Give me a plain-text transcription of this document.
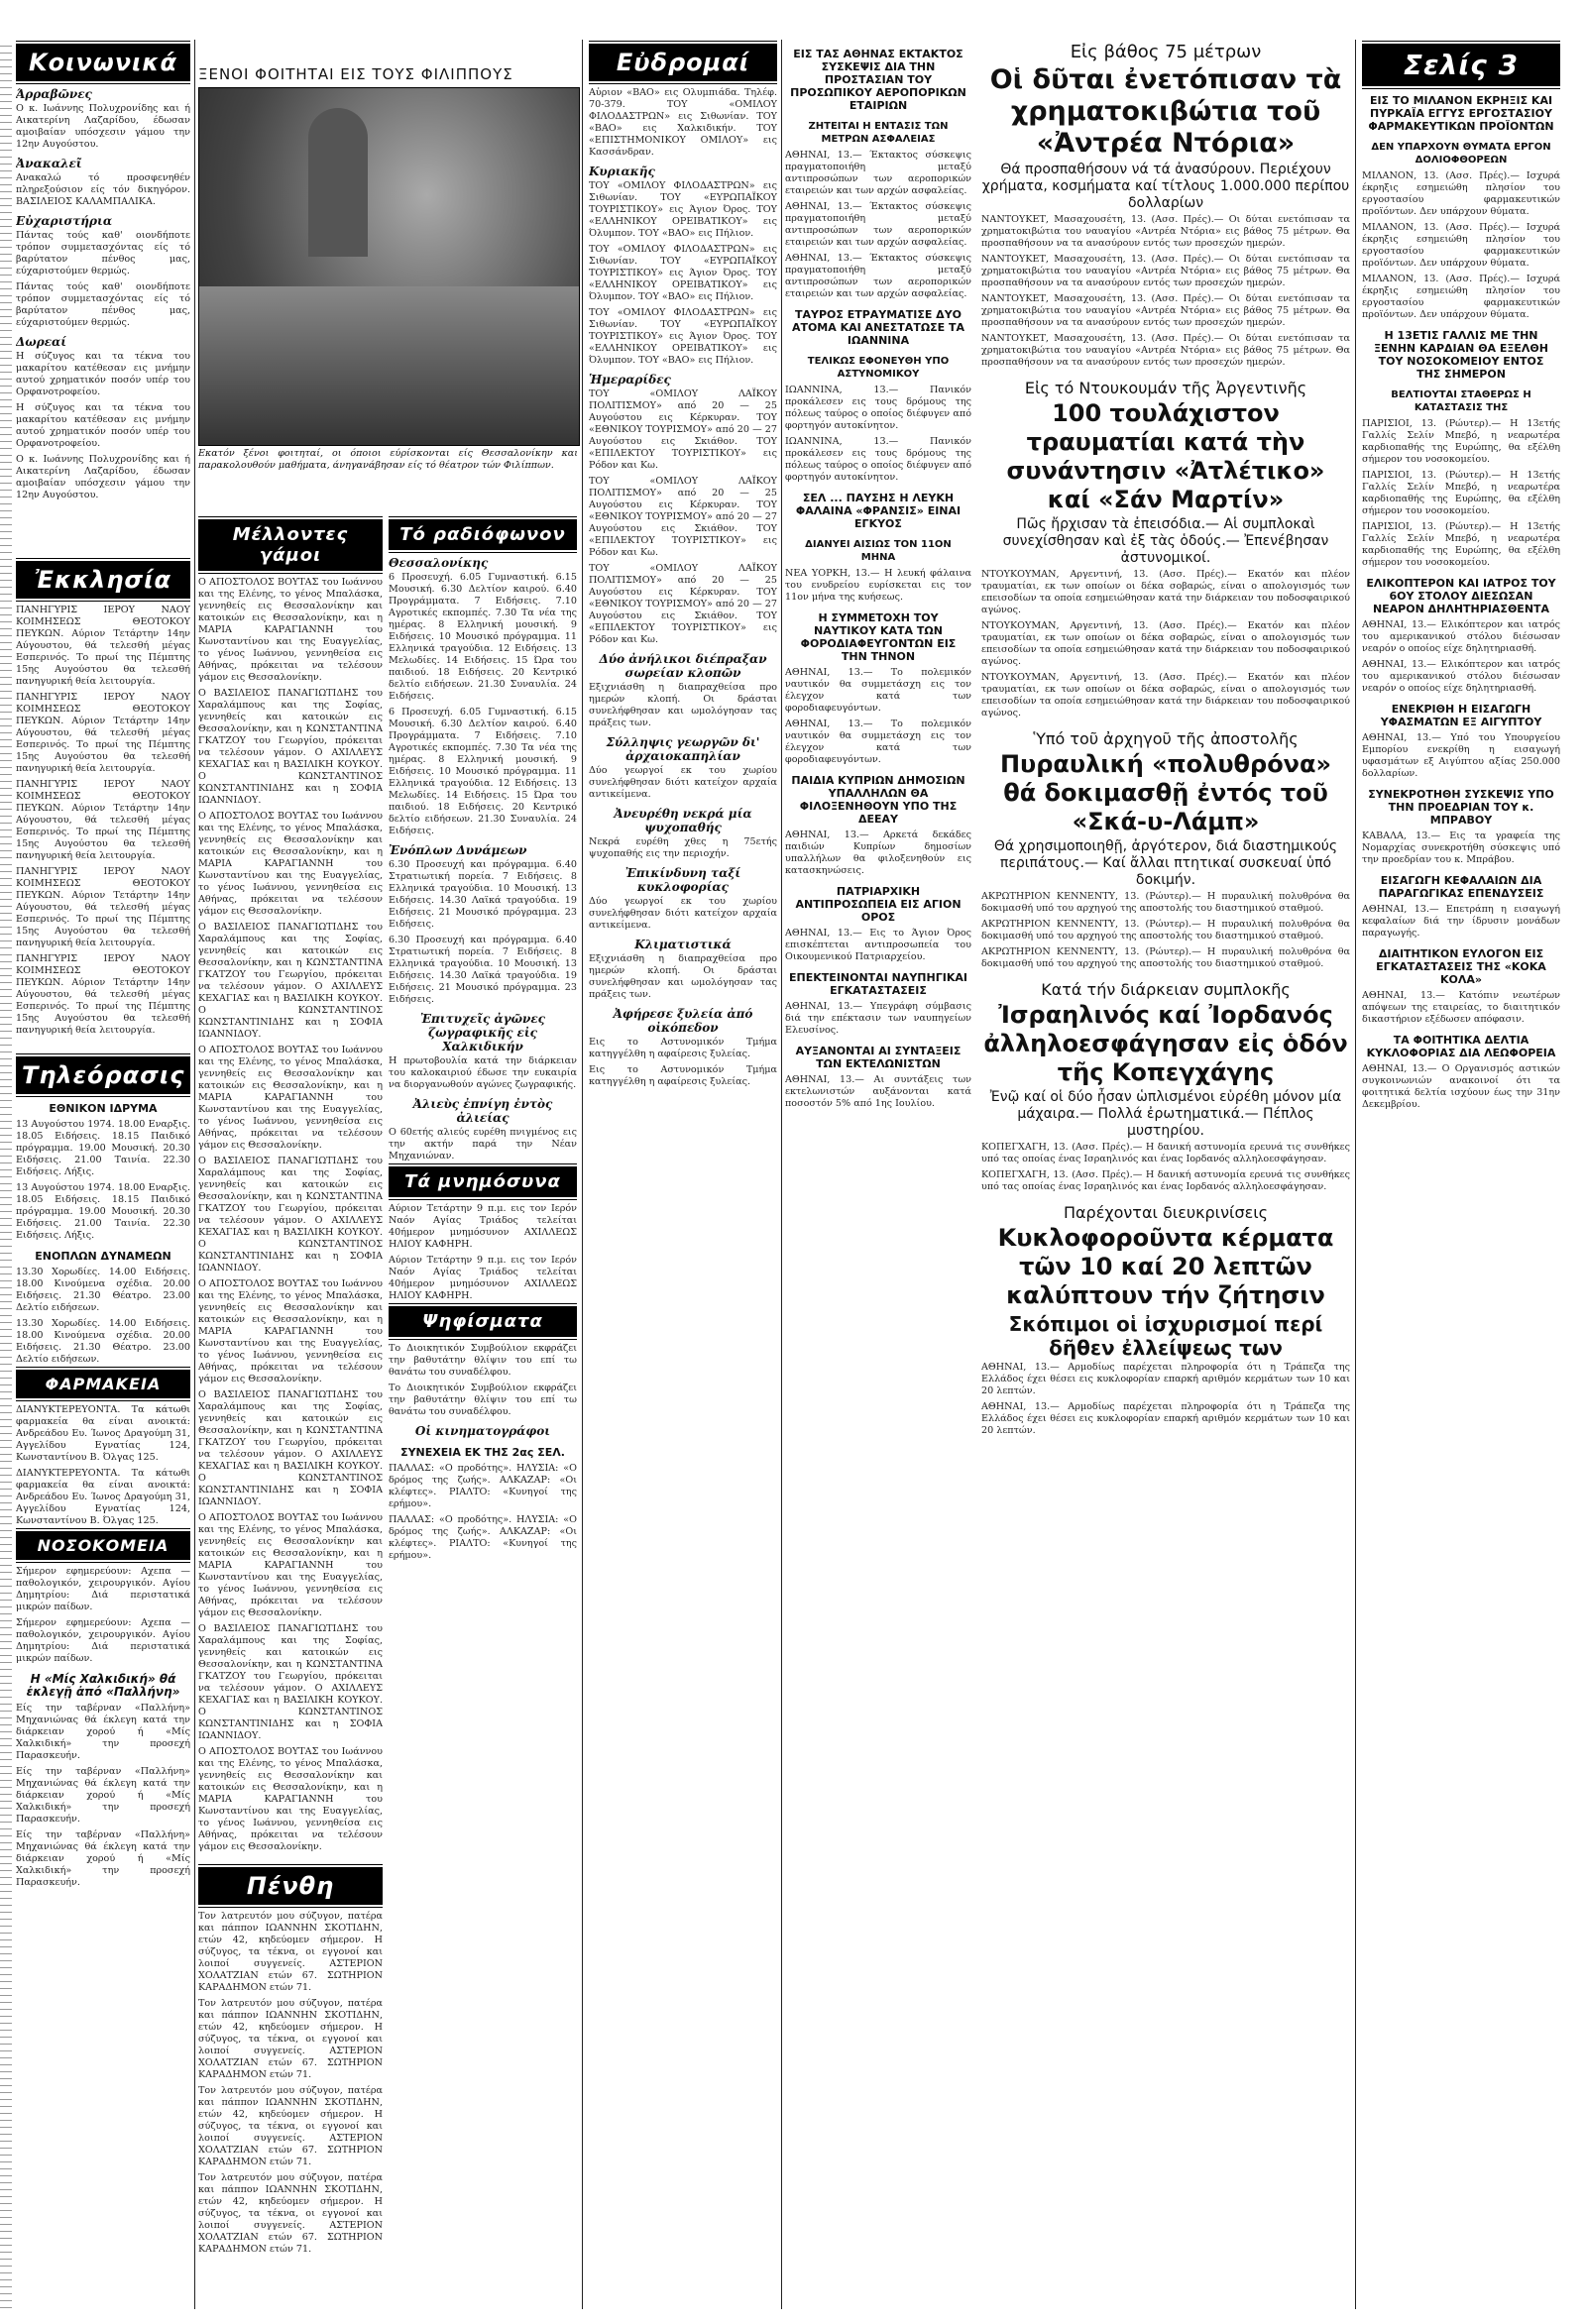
Κοινωνικά
Άρραβῶνες

Ο κ. Ιωάννης Πολυχρονίδης και ή Αικατερίνη Λαζαρίδου, έδωσαν αμοιβαίαν υπόσχεσιν γάμου την 12ην Αυγούστου.

Ἀνακαλεῖ

Ανακαλώ τό προσφενηθέν πληρεξούσιον είς τόν δικηγόρον. ΒΑΣΙΛΕΙΟΣ ΚΑΛΑΜΠΑΛΙΚΑ.

Εὐχαριστήρια

Πάντας τούς καθ' οιονδήποτε τρόπον συμμετασχόντας είς τό βαρύτατον πένθος μας, εύχαριστούμεν θερμώς.

Πάντας τούς καθ' οιονδήποτε τρόπον συμμετασχόντας είς τό βαρύτατον πένθος μας, εύχαριστούμεν θερμώς.

Δωρεαί

Η σύζυγος και τα τέκνα του μακαρίτου κατέθεσαν εις μνήμην αυτού χρηματικόν ποσόν υπέρ του Ορφανοτροφείου.

Η σύζυγος και τα τέκνα του μακαρίτου κατέθεσαν εις μνήμην αυτού χρηματικόν ποσόν υπέρ του Ορφανοτροφείου.

Ο κ. Ιωάννης Πολυχρονίδης και ή Αικατερίνη Λαζαρίδου, έδωσαν αμοιβαίαν υπόσχεσιν γάμου την 12ην Αυγούστου.

Ἐκκλησία

ΠΑΝΗΓΥΡΙΣ ΙΕΡΟΥ ΝΑΟΥ ΚΟΙΜΗΣΕΩΣ ΘΕΟΤΟΚΟΥ ΠΕΥΚΩΝ. Αύριον Τετάρτην 14ην Αύγουστου, θά τελεσθή μέγας Εσπερινός. Το πρωί της Πέμπτης 15ης Αυγούστου θα τελεσθή πανηγυρική θεία λειτουργία.

ΠΑΝΗΓΥΡΙΣ ΙΕΡΟΥ ΝΑΟΥ ΚΟΙΜΗΣΕΩΣ ΘΕΟΤΟΚΟΥ ΠΕΥΚΩΝ. Αύριον Τετάρτην 14ην Αύγουστου, θά τελεσθή μέγας Εσπερινός. Το πρωί της Πέμπτης 15ης Αυγούστου θα τελεσθή πανηγυρική θεία λειτουργία.

ΠΑΝΗΓΥΡΙΣ ΙΕΡΟΥ ΝΑΟΥ ΚΟΙΜΗΣΕΩΣ ΘΕΟΤΟΚΟΥ ΠΕΥΚΩΝ. Αύριον Τετάρτην 14ην Αύγουστου, θά τελεσθή μέγας Εσπερινός. Το πρωί της Πέμπτης 15ης Αυγούστου θα τελεσθή πανηγυρική θεία λειτουργία.

ΠΑΝΗΓΥΡΙΣ ΙΕΡΟΥ ΝΑΟΥ ΚΟΙΜΗΣΕΩΣ ΘΕΟΤΟΚΟΥ ΠΕΥΚΩΝ. Αύριον Τετάρτην 14ην Αύγουστου, θά τελεσθή μέγας Εσπερινός. Το πρωί της Πέμπτης 15ης Αυγούστου θα τελεσθή πανηγυρική θεία λειτουργία.

ΠΑΝΗΓΥΡΙΣ ΙΕΡΟΥ ΝΑΟΥ ΚΟΙΜΗΣΕΩΣ ΘΕΟΤΟΚΟΥ ΠΕΥΚΩΝ. Αύριον Τετάρτην 14ην Αύγουστου, θά τελεσθή μέγας Εσπερινός. Το πρωί της Πέμπτης 15ης Αυγούστου θα τελεσθή πανηγυρική θεία λειτουργία.

Τηλεόρασις
ΕΘΝΙΚΟΝ ΙΔΡΥΜΑ

13 Αυγούστου 1974. 18.00 Εναρξις. 18.05 Ειδήσεις. 18.15 Παιδικό πρόγραμμα. 19.00 Μουσική. 20.30 Ειδήσεις. 21.00 Ταινία. 22.30 Ειδήσεις. Λήξις.

13 Αυγούστου 1974. 18.00 Εναρξις. 18.05 Ειδήσεις. 18.15 Παιδικό πρόγραμμα. 19.00 Μουσική. 20.30 Ειδήσεις. 21.00 Ταινία. 22.30 Ειδήσεις. Λήξις.

ΕΝΟΠΛΩΝ ΔΥΝΑΜΕΩΝ

13.30 Χορωδίες. 14.00 Ειδήσεις. 18.00 Κινούμενα σχέδια. 20.00 Ειδήσεις. 21.30 Θέατρο. 23.00 Δελτίο ειδήσεων.

13.30 Χορωδίες. 14.00 Ειδήσεις. 18.00 Κινούμενα σχέδια. 20.00 Ειδήσεις. 21.30 Θέατρο. 23.00 Δελτίο ειδήσεων.

ΦΑΡΜΑΚΕΙΑ

ΔΙΑΝΥΚΤΕΡΕΥΟΝΤΑ. Τα κάτωθι φαρμακεία θα είναι ανοικτά: Ανδρεάδου Ευ. Ίωνος Δραγούμη 31, Αγγελίδου Εγνατίας 124, Κωνσταντίνου Β. Όλγας 125.

ΔΙΑΝΥΚΤΕΡΕΥΟΝΤΑ. Τα κάτωθι φαρμακεία θα είναι ανοικτά: Ανδρεάδου Ευ. Ίωνος Δραγούμη 31, Αγγελίδου Εγνατίας 124, Κωνσταντίνου Β. Όλγας 125.

ΝΟΣΟΚΟΜΕΙΑ

Σήμερον εφημερεύουν: Αχεπα — παθολογικόν, χειρουργικόν. Αγίου Δημητρίου: Διά περιστατικά μικρών παίδων.

Σήμερον εφημερεύουν: Αχεπα — παθολογικόν, χειρουργικόν. Αγίου Δημητρίου: Διά περιστατικά μικρών παίδων.

Η «Μίς Χαλκιδική» θά ἐκλεγῇ ἀπό «Παλλήνη»

Είς την ταβέρναν «Παλλήνη» Μηχανιώνας θά έκλεγη κατά την διάρκειαν χορού ή «Μίς Χαλκιδική» την προσεχή Παρασκευήν.

Είς την ταβέρναν «Παλλήνη» Μηχανιώνας θά έκλεγη κατά την διάρκειαν χορού ή «Μίς Χαλκιδική» την προσεχή Παρασκευήν.

Είς την ταβέρναν «Παλλήνη» Μηχανιώνας θά έκλεγη κατά την διάρκειαν χορού ή «Μίς Χαλκιδική» την προσεχή Παρασκευήν.

ΞΕΝΟΙ ΦΟΙΤΗΤΑΙ ΕΙΣ ΤΟΥΣ ΦΙΛΙΠΠΟΥΣ
Εκατόν ξένοι φοιτηταί, οι όποιοι εύρίσκονται είς Θεσσαλονίκην και παρακολουθούν μαθήματα, άνηγανάβησαν είς τό θέατρον τών Φιλίππων.
Μέλλοντες γάμοι

Ο ΑΠΟΣΤΟΛΟΣ ΒΟΥΤΑΣ του Ιωάννου και της Ελένης, το γένος Μπαλάσκα, γεννηθείς εις Θεσσαλονίκην και κατοικών εις Θεσσαλονίκην, και η ΜΑΡΙΑ ΚΑΡΑΓΙΑΝΝΗ του Κωνσταντίνου και της Ευαγγελίας, το γένος Ιωάννου, γεννηθείσα εις Αθήνας, πρόκειται να τελέσουν γάμον εις Θεσσαλονίκην.

Ο ΒΑΣΙΛΕΙΟΣ ΠΑΝΑΓΙΩΤΙΔΗΣ του Χαραλάμπους και της Σοφίας, γεννηθείς και κατοικών εις Θεσσαλονίκην, και η ΚΩΝΣΤΑΝΤΙΝΑ ΓΚΑΤΖΟΥ του Γεωργίου, πρόκειται να τελέσουν γάμον. Ο ΑΧΙΛΛΕΥΣ ΚΕΧΑΓΙΑΣ και η ΒΑΣΙΛΙΚΗ ΚΟΥΚΟΥ. Ο ΚΩΝΣΤΑΝΤΙΝΟΣ ΚΩΝΣΤΑΝΤΙΝΙΔΗΣ και η ΣΟΦΙΑ ΙΩΑΝΝΙΔΟΥ.

Ο ΑΠΟΣΤΟΛΟΣ ΒΟΥΤΑΣ του Ιωάννου και της Ελένης, το γένος Μπαλάσκα, γεννηθείς εις Θεσσαλονίκην και κατοικών εις Θεσσαλονίκην, και η ΜΑΡΙΑ ΚΑΡΑΓΙΑΝΝΗ του Κωνσταντίνου και της Ευαγγελίας, το γένος Ιωάννου, γεννηθείσα εις Αθήνας, πρόκειται να τελέσουν γάμον εις Θεσσαλονίκην.

Ο ΒΑΣΙΛΕΙΟΣ ΠΑΝΑΓΙΩΤΙΔΗΣ του Χαραλάμπους και της Σοφίας, γεννηθείς και κατοικών εις Θεσσαλονίκην, και η ΚΩΝΣΤΑΝΤΙΝΑ ΓΚΑΤΖΟΥ του Γεωργίου, πρόκειται να τελέσουν γάμον. Ο ΑΧΙΛΛΕΥΣ ΚΕΧΑΓΙΑΣ και η ΒΑΣΙΛΙΚΗ ΚΟΥΚΟΥ. Ο ΚΩΝΣΤΑΝΤΙΝΟΣ ΚΩΝΣΤΑΝΤΙΝΙΔΗΣ και η ΣΟΦΙΑ ΙΩΑΝΝΙΔΟΥ.

Ο ΑΠΟΣΤΟΛΟΣ ΒΟΥΤΑΣ του Ιωάννου και της Ελένης, το γένος Μπαλάσκα, γεννηθείς εις Θεσσαλονίκην και κατοικών εις Θεσσαλονίκην, και η ΜΑΡΙΑ ΚΑΡΑΓΙΑΝΝΗ του Κωνσταντίνου και της Ευαγγελίας, το γένος Ιωάννου, γεννηθείσα εις Αθήνας, πρόκειται να τελέσουν γάμον εις Θεσσαλονίκην.

Ο ΒΑΣΙΛΕΙΟΣ ΠΑΝΑΓΙΩΤΙΔΗΣ του Χαραλάμπους και της Σοφίας, γεννηθείς και κατοικών εις Θεσσαλονίκην, και η ΚΩΝΣΤΑΝΤΙΝΑ ΓΚΑΤΖΟΥ του Γεωργίου, πρόκειται να τελέσουν γάμον. Ο ΑΧΙΛΛΕΥΣ ΚΕΧΑΓΙΑΣ και η ΒΑΣΙΛΙΚΗ ΚΟΥΚΟΥ. Ο ΚΩΝΣΤΑΝΤΙΝΟΣ ΚΩΝΣΤΑΝΤΙΝΙΔΗΣ και η ΣΟΦΙΑ ΙΩΑΝΝΙΔΟΥ.

Ο ΑΠΟΣΤΟΛΟΣ ΒΟΥΤΑΣ του Ιωάννου και της Ελένης, το γένος Μπαλάσκα, γεννηθείς εις Θεσσαλονίκην και κατοικών εις Θεσσαλονίκην, και η ΜΑΡΙΑ ΚΑΡΑΓΙΑΝΝΗ του Κωνσταντίνου και της Ευαγγελίας, το γένος Ιωάννου, γεννηθείσα εις Αθήνας, πρόκειται να τελέσουν γάμον εις Θεσσαλονίκην.

Ο ΒΑΣΙΛΕΙΟΣ ΠΑΝΑΓΙΩΤΙΔΗΣ του Χαραλάμπους και της Σοφίας, γεννηθείς και κατοικών εις Θεσσαλονίκην, και η ΚΩΝΣΤΑΝΤΙΝΑ ΓΚΑΤΖΟΥ του Γεωργίου, πρόκειται να τελέσουν γάμον. Ο ΑΧΙΛΛΕΥΣ ΚΕΧΑΓΙΑΣ και η ΒΑΣΙΛΙΚΗ ΚΟΥΚΟΥ. Ο ΚΩΝΣΤΑΝΤΙΝΟΣ ΚΩΝΣΤΑΝΤΙΝΙΔΗΣ και η ΣΟΦΙΑ ΙΩΑΝΝΙΔΟΥ.

Ο ΑΠΟΣΤΟΛΟΣ ΒΟΥΤΑΣ του Ιωάννου και της Ελένης, το γένος Μπαλάσκα, γεννηθείς εις Θεσσαλονίκην και κατοικών εις Θεσσαλονίκην, και η ΜΑΡΙΑ ΚΑΡΑΓΙΑΝΝΗ του Κωνσταντίνου και της Ευαγγελίας, το γένος Ιωάννου, γεννηθείσα εις Αθήνας, πρόκειται να τελέσουν γάμον εις Θεσσαλονίκην.

Ο ΒΑΣΙΛΕΙΟΣ ΠΑΝΑΓΙΩΤΙΔΗΣ του Χαραλάμπους και της Σοφίας, γεννηθείς και κατοικών εις Θεσσαλονίκην, και η ΚΩΝΣΤΑΝΤΙΝΑ ΓΚΑΤΖΟΥ του Γεωργίου, πρόκειται να τελέσουν γάμον. Ο ΑΧΙΛΛΕΥΣ ΚΕΧΑΓΙΑΣ και η ΒΑΣΙΛΙΚΗ ΚΟΥΚΟΥ. Ο ΚΩΝΣΤΑΝΤΙΝΟΣ ΚΩΝΣΤΑΝΤΙΝΙΔΗΣ και η ΣΟΦΙΑ ΙΩΑΝΝΙΔΟΥ.

Ο ΑΠΟΣΤΟΛΟΣ ΒΟΥΤΑΣ του Ιωάννου και της Ελένης, το γένος Μπαλάσκα, γεννηθείς εις Θεσσαλονίκην και κατοικών εις Θεσσαλονίκην, και η ΜΑΡΙΑ ΚΑΡΑΓΙΑΝΝΗ του Κωνσταντίνου και της Ευαγγελίας, το γένος Ιωάννου, γεννηθείσα εις Αθήνας, πρόκειται να τελέσουν γάμον εις Θεσσαλονίκην.

Πένθη

Τον λατρευτόν μου σύζυγον, πατέρα και πάππον ΙΩΑΝΝΗΝ ΣΚΟΤΙΔΗΝ, ετών 42, κηδεύομεν σήμερον. Η σύζυγος, τα τέκνα, οι εγγονοί και λοιποί συγγενείς. ΑΣΤΕΡΙΟΝ ΧΟΛΑΤΖΙΑΝ ετών 67. ΣΩΤΗΡΙΟΝ ΚΑΡΑΔΗΜΟΝ ετών 71.

Τον λατρευτόν μου σύζυγον, πατέρα και πάππον ΙΩΑΝΝΗΝ ΣΚΟΤΙΔΗΝ, ετών 42, κηδεύομεν σήμερον. Η σύζυγος, τα τέκνα, οι εγγονοί και λοιποί συγγενείς. ΑΣΤΕΡΙΟΝ ΧΟΛΑΤΖΙΑΝ ετών 67. ΣΩΤΗΡΙΟΝ ΚΑΡΑΔΗΜΟΝ ετών 71.

Τον λατρευτόν μου σύζυγον, πατέρα και πάππον ΙΩΑΝΝΗΝ ΣΚΟΤΙΔΗΝ, ετών 42, κηδεύομεν σήμερον. Η σύζυγος, τα τέκνα, οι εγγονοί και λοιποί συγγενείς. ΑΣΤΕΡΙΟΝ ΧΟΛΑΤΖΙΑΝ ετών 67. ΣΩΤΗΡΙΟΝ ΚΑΡΑΔΗΜΟΝ ετών 71.

Τον λατρευτόν μου σύζυγον, πατέρα και πάππον ΙΩΑΝΝΗΝ ΣΚΟΤΙΔΗΝ, ετών 42, κηδεύομεν σήμερον. Η σύζυγος, τα τέκνα, οι εγγονοί και λοιποί συγγενείς. ΑΣΤΕΡΙΟΝ ΧΟΛΑΤΖΙΑΝ ετών 67. ΣΩΤΗΡΙΟΝ ΚΑΡΑΔΗΜΟΝ ετών 71.

Τό ραδιόφωνον
Θεσσαλονίκης

6 Προσευχή. 6.05 Γυμναστική. 6.15 Μουσική. 6.30 Δελτίον καιρού. 6.40 Προγράμματα. 7 Ειδήσεις. 7.10 Αγροτικές εκπομπές. 7.30 Τα νέα της ημέρας. 8 Ελληνική μουσική. 9 Ειδήσεις. 10 Μουσικό πρόγραμμα. 11 Ελληνικά τραγούδια. 12 Ειδήσεις. 13 Μελωδίες. 14 Ειδήσεις. 15 Ώρα του παιδιού. 18 Ειδήσεις. 20 Κεντρικό δελτίο ειδήσεων. 21.30 Συναυλία. 24 Ειδήσεις.

6 Προσευχή. 6.05 Γυμναστική. 6.15 Μουσική. 6.30 Δελτίον καιρού. 6.40 Προγράμματα. 7 Ειδήσεις. 7.10 Αγροτικές εκπομπές. 7.30 Τα νέα της ημέρας. 8 Ελληνική μουσική. 9 Ειδήσεις. 10 Μουσικό πρόγραμμα. 11 Ελληνικά τραγούδια. 12 Ειδήσεις. 13 Μελωδίες. 14 Ειδήσεις. 15 Ώρα του παιδιού. 18 Ειδήσεις. 20 Κεντρικό δελτίο ειδήσεων. 21.30 Συναυλία. 24 Ειδήσεις.

Ἐνόπλων Δυνάμεων

6.30 Προσευχή και πρόγραμμα. 6.40 Στρατιωτική πορεία. 7 Ειδήσεις. 8 Ελληνικά τραγούδια. 10 Μουσική. 13 Ειδήσεις. 14.30 Λαϊκά τραγούδια. 19 Ειδήσεις. 21 Μουσικό πρόγραμμα. 23 Ειδήσεις.

6.30 Προσευχή και πρόγραμμα. 6.40 Στρατιωτική πορεία. 7 Ειδήσεις. 8 Ελληνικά τραγούδια. 10 Μουσική. 13 Ειδήσεις. 14.30 Λαϊκά τραγούδια. 19 Ειδήσεις. 21 Μουσικό πρόγραμμα. 23 Ειδήσεις.

Ἐπιτυχεῖς ἀγῶνες ζωγραφικῆς εἰς Χαλκιδικήν

Η πρωτοβουλία κατά την διάρκειαν του καλοκαιριού έδωσε την ευκαιρία να διοργανωθούν αγώνες ζωγραφικής.

Ἀλιεὺς ἐπνίγη ἐντὸς ἀλιείας

Ο 60ετής αλιεύς ευρέθη πνιγμένος εις την ακτήν παρά την Νέαν Μηχανιώναν.

Τά μνημόσυνα

Αύριον Τετάρτην 9 π.μ. εις τον Ιερόν Ναόν Αγίας Τριάδος τελείται 40ήμερον μνημόσυνον ΑΧΙΛΛΕΩΣ ΗΛΙΟΥ ΚΑΦΗΡΗ.

Αύριον Τετάρτην 9 π.μ. εις τον Ιερόν Ναόν Αγίας Τριάδος τελείται 40ήμερον μνημόσυνον ΑΧΙΛΛΕΩΣ ΗΛΙΟΥ ΚΑΦΗΡΗ.

Ψηφίσματα

Το Διοικητικόν Συμβούλιον εκφράζει την βαθυτάτην θλίψιν του επί τω θανάτω του συναδέλφου.

Το Διοικητικόν Συμβούλιον εκφράζει την βαθυτάτην θλίψιν του επί τω θανάτω του συναδέλφου.

Οἱ κινηματογράφοι
ΣΥΝΕΧΕΙΑ ΕΚ ΤΗΣ 2ας ΣΕΛ.

ΠΑΛΛΑΣ: «Ο προδότης». ΗΛΥΣΙΑ: «Ο δρόμος της ζωής». ΑΛΚΑΖΑΡ: «Οι κλέφτες». ΡΙΑΛΤΟ: «Κυνηγοί της ερήμου».

ΠΑΛΛΑΣ: «Ο προδότης». ΗΛΥΣΙΑ: «Ο δρόμος της ζωής». ΑΛΚΑΖΑΡ: «Οι κλέφτες». ΡΙΑΛΤΟ: «Κυνηγοί της ερήμου».

Εὐδρομαί

Αὐριον «ΒΑΟ» εις Ολυμπιάδα. Τηλέφ. 70-379. ΤΟΥ «ΟΜΙΛΟΥ ΦΙΛΟΔΑΣΤΡΩΝ» εις Σιθωνίαν. ΤΟΥ «ΒΑΟ» εις Χαλκιδικήν. ΤΟΥ «ΕΠΙΣΤΗΜΟΝΙΚΟΥ ΟΜΙΛΟΥ» εις Κασσάνδραν.

Κυριακῆς

ΤΟΥ «ΟΜΙΛΟΥ ΦΙΛΟΔΑΣΤΡΩΝ» εις Σιθωνίαν. ΤΟΥ «ΕΥΡΩΠΑΪΚΟΥ ΤΟΥΡΙΣΤΙΚΟΥ» εις Άγιον Όρος. ΤΟΥ «ΕΛΛΗΝΙΚΟΥ ΟΡΕΙΒΑΤΙΚΟΥ» εις Όλυμπον. ΤΟΥ «ΒΑΟ» εις Πήλιον.

ΤΟΥ «ΟΜΙΛΟΥ ΦΙΛΟΔΑΣΤΡΩΝ» εις Σιθωνίαν. ΤΟΥ «ΕΥΡΩΠΑΪΚΟΥ ΤΟΥΡΙΣΤΙΚΟΥ» εις Άγιον Όρος. ΤΟΥ «ΕΛΛΗΝΙΚΟΥ ΟΡΕΙΒΑΤΙΚΟΥ» εις Όλυμπον. ΤΟΥ «ΒΑΟ» εις Πήλιον.

ΤΟΥ «ΟΜΙΛΟΥ ΦΙΛΟΔΑΣΤΡΩΝ» εις Σιθωνίαν. ΤΟΥ «ΕΥΡΩΠΑΪΚΟΥ ΤΟΥΡΙΣΤΙΚΟΥ» εις Άγιον Όρος. ΤΟΥ «ΕΛΛΗΝΙΚΟΥ ΟΡΕΙΒΑΤΙΚΟΥ» εις Όλυμπον. ΤΟΥ «ΒΑΟ» εις Πήλιον.

Ἡμεραρίδες

ΤΟΥ «ΟΜΙΛΟΥ ΛΑΪΚΟΥ ΠΟΛΙΤΙΣΜΟΥ» από 20 — 25 Αυγούστου εις Κέρκυραν. ΤΟΥ «ΕΘΝΙΚΟΥ ΤΟΥΡΙΣΜΟΥ» από 20 — 27 Αυγούστου εις Σκιάθον. ΤΟΥ «ΕΠΙΛΕΚΤΟΥ ΤΟΥΡΙΣΤΙΚΟΥ» εις Ρόδον και Κω.

ΤΟΥ «ΟΜΙΛΟΥ ΛΑΪΚΟΥ ΠΟΛΙΤΙΣΜΟΥ» από 20 — 25 Αυγούστου εις Κέρκυραν. ΤΟΥ «ΕΘΝΙΚΟΥ ΤΟΥΡΙΣΜΟΥ» από 20 — 27 Αυγούστου εις Σκιάθον. ΤΟΥ «ΕΠΙΛΕΚΤΟΥ ΤΟΥΡΙΣΤΙΚΟΥ» εις Ρόδον και Κω.

ΤΟΥ «ΟΜΙΛΟΥ ΛΑΪΚΟΥ ΠΟΛΙΤΙΣΜΟΥ» από 20 — 25 Αυγούστου εις Κέρκυραν. ΤΟΥ «ΕΘΝΙΚΟΥ ΤΟΥΡΙΣΜΟΥ» από 20 — 27 Αυγούστου εις Σκιάθον. ΤΟΥ «ΕΠΙΛΕΚΤΟΥ ΤΟΥΡΙΣΤΙΚΟΥ» εις Ρόδον και Κω.

Δύο ἀνήλικοι διέπραξαν σωρείαν κλοπῶν

Εξιχνιάσθη η διαπραχθείσα προ ημερών κλοπή. Οι δράσται συνελήφθησαν και ωμολόγησαν τας πράξεις των.

Σύλληψις γεωργῶν δι' ἀρχαιοκαπηλίαν

Δύο γεωργοί εκ του χωρίου συνελήφθησαν διότι κατείχον αρχαία αντικείμενα.

Ἀνευρέθη νεκρά μία ψυχοπαθής

Νεκρά ευρέθη χθες η 75ετής ψυχοπαθής εις την περιοχήν.

Ἐπικίνδυνη ταξί κυκλοφορίας

Δύο γεωργοί εκ του χωρίου συνελήφθησαν διότι κατείχον αρχαία αντικείμενα.

Κλιματιστικά

Εξιχνιάσθη η διαπραχθείσα προ ημερών κλοπή. Οι δράσται συνελήφθησαν και ωμολόγησαν τας πράξεις των.

Ἀφήρεσε ξυλεία ἀπό οἰκόπεδον

Εις το Αστυνομικόν Τμήμα κατηγγέλθη η αφαίρεσις ξυλείας.

Εις το Αστυνομικόν Τμήμα κατηγγέλθη η αφαίρεσις ξυλείας.

ΕΙΣ ΤΑΣ ΑΘΗΝΑΣ ΕΚΤΑΚΤΟΣ ΣΥΣΚΕΨΙΣ ΔΙΑ ΤΗΝ ΠΡΟΣΤΑΣΙΑΝ ΤΟΥ ΠΡΟΣΩΠΙΚΟΥ ΑΕΡΟΠΟΡΙΚΩΝ ΕΤΑΙΡΙΩΝ
ΖΗΤΕΙΤΑΙ Η ΕΝΤΑΣΙΣ ΤΩΝ ΜΕΤΡΩΝ ΑΣΦΑΛΕΙΑΣ

ΑΘΗΝΑΙ, 13.— Έκτακτος σύσκεψις πραγματοποιήθη μεταξύ αντιπροσώπων των αεροπορικών εταιρειών και των αρχών ασφαλείας.

ΑΘΗΝΑΙ, 13.— Έκτακτος σύσκεψις πραγματοποιήθη μεταξύ αντιπροσώπων των αεροπορικών εταιρειών και των αρχών ασφαλείας.

ΑΘΗΝΑΙ, 13.— Έκτακτος σύσκεψις πραγματοποιήθη μεταξύ αντιπροσώπων των αεροπορικών εταιρειών και των αρχών ασφαλείας.

ΤΑΥΡΟΣ ΕΤΡΑΥΜΑΤΙΣΕ ΔΥΟ ΑΤΟΜΑ ΚΑΙ ΑΝΕΣΤΑΤΩΣΕ ΤΑ ΙΩΑΝΝΙΝΑ
ΤΕΛΙΚΩΣ ΕΦΟΝΕΥΘΗ ΥΠΟ ΑΣΤΥΝΟΜΙΚΟΥ

ΙΩΑΝΝΙΝΑ, 13.— Πανικόν προκάλεσεν εις τους δρόμους της πόλεως ταύρος ο οποίος διέφυγεν από φορτηγόν αυτοκίνητον.

ΙΩΑΝΝΙΝΑ, 13.— Πανικόν προκάλεσεν εις τους δρόμους της πόλεως ταύρος ο οποίος διέφυγεν από φορτηγόν αυτοκίνητον.

ΣΕΛ ... ΠΑΥΣΗΣ Η ΛΕΥΚΗ ΦΑΛΑΙΝΑ «ΦΡΑΝΣΙΣ» ΕΙΝΑΙ ΕΓΚΥΟΣ
ΔΙΑΝΥΕΙ ΑΙΣΙΩΣ ΤΟΝ 11ΟΝ ΜΗΝΑ

ΝΕΑ ΥΟΡΚΗ, 13.— Η λευκή φάλαινα του ενυδρείου ευρίσκεται εις τον 11ον μήνα της κυήσεως.

Η ΣΥΜΜΕΤΟΧΗ ΤΟΥ ΝΑΥΤΙΚΟΥ ΚΑΤΑ ΤΩΝ ΦΟΡΟΔΙΑΦΕΥΓΟΝΤΩΝ ΕΙΣ ΤΗΝ ΤΗΝΟΝ

ΑΘΗΝΑΙ, 13.— Το πολεμικόν ναυτικόν θα συμμετάσχη εις τον έλεγχον κατά των φοροδιαφευγόντων.

ΑΘΗΝΑΙ, 13.— Το πολεμικόν ναυτικόν θα συμμετάσχη εις τον έλεγχον κατά των φοροδιαφευγόντων.

ΠΑΙΔΙΑ ΚΥΠΡΙΩΝ ΔΗΜΟΣΙΩΝ ΥΠΑΛΛΗΛΩΝ ΘΑ ΦΙΛΟΞΕΝΗΘΟΥΝ ΥΠΟ ΤΗΣ ΔΕΕΑΥ

ΑΘΗΝΑΙ, 13.— Αρκετά δεκάδες παιδιών Κυπρίων δημοσίων υπαλλήλων θα φιλοξενηθούν εις κατασκηνώσεις.

ΠΑΤΡΙΑΡΧΙΚΗ ΑΝΤΙΠΡΟΣΩΠΕΙΑ ΕΙΣ ΑΓΙΟΝ ΟΡΟΣ

ΑΘΗΝΑΙ, 13.— Εις το Άγιον Όρος επισκέπτεται αντιπροσωπεία του Οικουμενικού Πατριαρχείου.

ΕΠΕΚΤΕΙΝΟΝΤΑΙ ΝΑΥΠΗΓΙΚΑΙ ΕΓΚΑΤΑΣΤΑΣΕΙΣ

ΑΘΗΝΑΙ, 13.— Υπεγράφη σύμβασις διά την επέκτασιν των ναυπηγείων Ελευσίνος.

ΑΥΞΑΝΟΝΤΑΙ ΑΙ ΣΥΝΤΑΞΕΙΣ ΤΩΝ ΕΚΤΕΛΩΝΙΣΤΩΝ

ΑΘΗΝΑΙ, 13.— Αι συντάξεις των εκτελωνιστών αυξάνονται κατά ποσοστόν 5% από 1ης Ιουλίου.

Εἰς βάθος 75 μέτρων
Οἱ δῦται ἐνετόπισαν τὰ χρηματοκιβώτια τοῦ «Ἀντρέα Ντόρια»
Θά προσπαθήσουν νά τά ἀνασύρουν. Περιέχουν χρήματα, κοσμήματα καί τίτλους 1.000.000 περίπου δολλαρίων

ΝΑΝΤΟΥΚΕΤ, Μασαχουσέτη, 13. (Ασσ. Πρές).— Οι δύται ενετόπισαν τα χρηματοκιβώτια του ναυαγίου «Αντρέα Ντόρια» εις βάθος 75 μέτρων. Θα προσπαθήσουν να τα ανασύρουν εντός των προσεχών ημερών.

ΝΑΝΤΟΥΚΕΤ, Μασαχουσέτη, 13. (Ασσ. Πρές).— Οι δύται ενετόπισαν τα χρηματοκιβώτια του ναυαγίου «Αντρέα Ντόρια» εις βάθος 75 μέτρων. Θα προσπαθήσουν να τα ανασύρουν εντός των προσεχών ημερών.

ΝΑΝΤΟΥΚΕΤ, Μασαχουσέτη, 13. (Ασσ. Πρές).— Οι δύται ενετόπισαν τα χρηματοκιβώτια του ναυαγίου «Αντρέα Ντόρια» εις βάθος 75 μέτρων. Θα προσπαθήσουν να τα ανασύρουν εντός των προσεχών ημερών.

ΝΑΝΤΟΥΚΕΤ, Μασαχουσέτη, 13. (Ασσ. Πρές).— Οι δύται ενετόπισαν τα χρηματοκιβώτια του ναυαγίου «Αντρέα Ντόρια» εις βάθος 75 μέτρων. Θα προσπαθήσουν να τα ανασύρουν εντός των προσεχών ημερών.

Εἰς τό Ντουκουμάν τῆς Ἀργεντινῆς
100 τουλάχιστον τραυματίαι κατά τὴν συνάντησιν «Ἀτλέτικο» καί «Σάν Μαρτίν»
Πῶς ἤρχισαν τὰ ἐπεισόδια.— Αἱ συμπλοκαὶ συνεχίσθησαν καὶ ἐξ τὰς ὁδούς.— Ἐπενέβησαν ἀστυνομικοί.

ΝΤΟΥΚΟΥΜΑΝ, Αργεντινή, 13. (Ασσ. Πρές).— Εκατόν και πλέον τραυματίαι, εκ των οποίων οι δέκα σοβαρώς, είναι ο απολογισμός των επεισοδίων τα οποία εσημειώθησαν κατά την διάρκειαν του ποδοσφαιρικού αγώνος.

ΝΤΟΥΚΟΥΜΑΝ, Αργεντινή, 13. (Ασσ. Πρές).— Εκατόν και πλέον τραυματίαι, εκ των οποίων οι δέκα σοβαρώς, είναι ο απολογισμός των επεισοδίων τα οποία εσημειώθησαν κατά την διάρκειαν του ποδοσφαιρικού αγώνος.

ΝΤΟΥΚΟΥΜΑΝ, Αργεντινή, 13. (Ασσ. Πρές).— Εκατόν και πλέον τραυματίαι, εκ των οποίων οι δέκα σοβαρώς, είναι ο απολογισμός των επεισοδίων τα οποία εσημειώθησαν κατά την διάρκειαν του ποδοσφαιρικού αγώνος.

Ὑπό τοῦ ἀρχηγοῦ τῆς ἀποστολῆς
Πυραυλική «πολυθρόνα» θά δοκιμασθῇ ἐντός τοῦ «Σκά-υ-Λάμπ»
Θά χρησιμοποιηθῇ, ἀργότερον, διά διαστημικούς περιπάτους.— Καί ἄλλαι πτητικαί συσκευαί ὑπό δοκιμήν.

ΑΚΡΩΤΗΡΙΟΝ ΚΕΝΝΕΝΤΥ, 13. (Ρώυτερ).— Η πυραυλική πολυθρόνα θα δοκιμασθή υπό του αρχηγού της αποστολής του διαστημικού σταθμού.

ΑΚΡΩΤΗΡΙΟΝ ΚΕΝΝΕΝΤΥ, 13. (Ρώυτερ).— Η πυραυλική πολυθρόνα θα δοκιμασθή υπό του αρχηγού της αποστολής του διαστημικού σταθμού.

ΑΚΡΩΤΗΡΙΟΝ ΚΕΝΝΕΝΤΥ, 13. (Ρώυτερ).— Η πυραυλική πολυθρόνα θα δοκιμασθή υπό του αρχηγού της αποστολής του διαστημικού σταθμού.

Κατά τήν διάρκειαν συμπλοκῆς
Ἰσραηλινός καί Ἰορδανός ἀλληλοεσφάγησαν εἰς ὁδόν τῆς Κοπεγχάγης
Ἐνῷ καί οἱ δύο ἦσαν ὡπλισμένοι εὑρέθη μόνον μία μάχαιρα.— Πολλά ἐρωτηματικά.— Πέπλος μυστηρίου.

ΚΟΠΕΓΧΑΓΗ, 13. (Ασσ. Πρές).— Η δανική αστυνομία ερευνά τις συνθήκες υπό τας οποίας ένας Ισραηλινός και ένας Ιορδανός αλληλοεσφάγησαν.

ΚΟΠΕΓΧΑΓΗ, 13. (Ασσ. Πρές).— Η δανική αστυνομία ερευνά τις συνθήκες υπό τας οποίας ένας Ισραηλινός και ένας Ιορδανός αλληλοεσφάγησαν.

Παρέχονται διευκρινίσεις
Κυκλοφοροῦντα κέρματα τῶν 10 καί 20 λεπτῶν καλύπτουν τήν ζήτησιν
Σκόπιμοι οἱ ἰσχυρισμοί περί δῆθεν ἐλλείψεως των

ΑΘΗΝΑΙ, 13.— Αρμοδίως παρέχεται πληροφορία ότι η Τράπεζα της Ελλάδος έχει θέσει εις κυκλοφορίαν επαρκή αριθμόν κερμάτων των 10 και 20 λεπτών.

ΑΘΗΝΑΙ, 13.— Αρμοδίως παρέχεται πληροφορία ότι η Τράπεζα της Ελλάδος έχει θέσει εις κυκλοφορίαν επαρκή αριθμόν κερμάτων των 10 και 20 λεπτών.

Σελίς 3
ΕΙΣ ΤΟ ΜΙΛΑΝΟΝ ΕΚΡΗΞΙΣ ΚΑΙ ΠΥΡΚΑΪΑ ΕΓΓΥΣ ΕΡΓΟΣΤΑΣΙΟΥ ΦΑΡΜΑΚΕΥΤΙΚΩΝ ΠΡΟΪΟΝΤΩΝ
ΔΕΝ ΥΠΑΡΧΟΥΝ ΘΥΜΑΤΑ ΕΡΓΟΝ ΔΟΛΙΟΦΘΟΡΕΩΝ

ΜΙΛΑΝΟΝ, 13. (Ασσ. Πρές).— Ισχυρά έκρηξις εσημειώθη πλησίον του εργοστασίου φαρμακευτικών προϊόντων. Δεν υπάρχουν θύματα.

ΜΙΛΑΝΟΝ, 13. (Ασσ. Πρές).— Ισχυρά έκρηξις εσημειώθη πλησίον του εργοστασίου φαρμακευτικών προϊόντων. Δεν υπάρχουν θύματα.

ΜΙΛΑΝΟΝ, 13. (Ασσ. Πρές).— Ισχυρά έκρηξις εσημειώθη πλησίον του εργοστασίου φαρμακευτικών προϊόντων. Δεν υπάρχουν θύματα.

Η 13ΕΤΙΣ ΓΑΛΛΙΣ ΜΕ ΤΗΝ ΞΕΝΗΝ ΚΑΡΔΙΑΝ ΘΑ ΕΞΕΛΘΗ ΤΟΥ ΝΟΣΟΚΟΜΕΙΟΥ ΕΝΤΟΣ ΤΗΣ ΣΗΜΕΡΟΝ
ΒΕΛΤΙΟΥΤΑΙ ΣΤΑΘΕΡΩΣ Η ΚΑΤΑΣΤΑΣΙΣ ΤΗΣ

ΠΑΡΙΣΙΟΙ, 13. (Ρώυτερ).— Η 13ετής Γαλλίς Σελίν Μπεβό, η νεαρωτέρα καρδιοπαθής της Ευρώπης, θα εξέλθη σήμερον του νοσοκομείου.

ΠΑΡΙΣΙΟΙ, 13. (Ρώυτερ).— Η 13ετής Γαλλίς Σελίν Μπεβό, η νεαρωτέρα καρδιοπαθής της Ευρώπης, θα εξέλθη σήμερον του νοσοκομείου.

ΠΑΡΙΣΙΟΙ, 13. (Ρώυτερ).— Η 13ετής Γαλλίς Σελίν Μπεβό, η νεαρωτέρα καρδιοπαθής της Ευρώπης, θα εξέλθη σήμερον του νοσοκομείου.

ΕΛΙΚΟΠΤΕΡΟΝ ΚΑΙ ΙΑΤΡΟΣ ΤΟΥ 6ΟΥ ΣΤΟΛΟΥ ΔΙΕΣΩΣΑΝ ΝΕΑΡΟΝ ΔΗΛΗΤΗΡΙΑΣΘΕΝΤΑ

ΑΘΗΝΑΙ, 13.— Ελικόπτερον και ιατρός του αμερικανικού στόλου διέσωσαν νεαρόν ο οποίος είχε δηλητηριασθή.

ΑΘΗΝΑΙ, 13.— Ελικόπτερον και ιατρός του αμερικανικού στόλου διέσωσαν νεαρόν ο οποίος είχε δηλητηριασθή.

ΕΝΕΚΡΙΘΗ Η ΕΙΣΑΓΩΓΗ ΥΦΑΣΜΑΤΩΝ ΕΞ ΑΙΓΥΠΤΟΥ

ΑΘΗΝΑΙ, 13.— Υπό του Υπουργείου Εμπορίου ενεκρίθη η εισαγωγή υφασμάτων εξ Αιγύπτου αξίας 250.000 δολλαρίων.

ΣΥΝΕΚΡΟΤΗΘΗ ΣΥΣΚΕΨΙΣ ΥΠΟ ΤΗΝ ΠΡΟΕΔΡΙΑΝ ΤΟΥ κ. ΜΠΡΑΒΟΥ

ΚΑΒΑΛΑ, 13.— Εις τα γραφεία της Νομαρχίας συνεκροτήθη σύσκεψις υπό την προεδρίαν του κ. Μπράβου.

ΕΙΣΑΓΩΓΗ ΚΕΦΑΛΑΙΩΝ ΔΙΑ ΠΑΡΑΓΩΓΙΚΑΣ ΕΠΕΝΔΥΣΕΙΣ

ΑΘΗΝΑΙ, 13.— Επετράπη η εισαγωγή κεφαλαίων διά την ίδρυσιν μονάδων παραγωγής.

ΔΙΑΙΤΗΤΙΚΟΝ ΕΥΛΟΓΟΝ ΕΙΣ ΕΓΚΑΤΑΣΤΑΣΕΙΣ ΤΗΣ «ΚΟΚΑ ΚΟΛΑ»

ΑΘΗΝΑΙ, 13.— Κατόπιν νεωτέρων απόψεων της εταιρείας, το διαιτητικόν δικαστήριον εξέδωσεν απόφασιν.

ΤΑ ΦΟΙΤΗΤΙΚΑ ΔΕΛΤΙΑ ΚΥΚΛΟΦΟΡΙΑΣ ΔΙΑ ΛΕΩΦΟΡΕΙΑ

ΑΘΗΝΑΙ, 13.— Ο Οργανισμός αστικών συγκοινωνιών ανακοινοί ότι τα φοιτητικά δελτία ισχύουν έως την 31ην Δεκεμβρίου.
